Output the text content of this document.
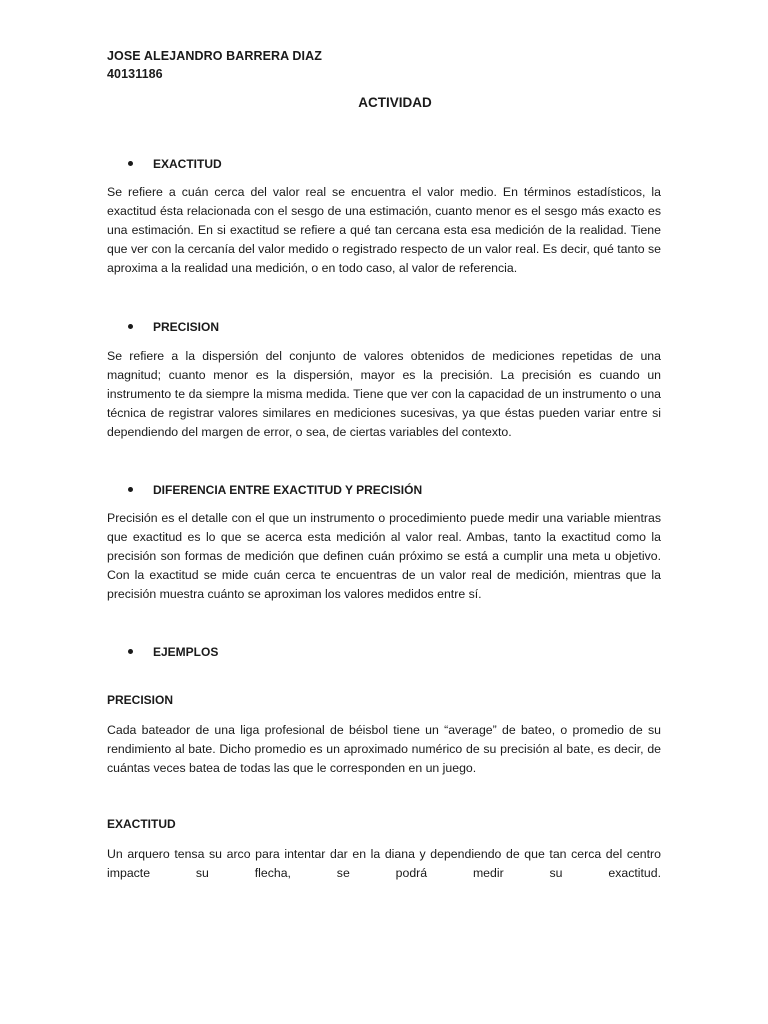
JOSE ALEJANDRO BARRERA DIAZ
40131186
ACTIVIDAD
EXACTITUD
Se refiere a cuán cerca del valor real se encuentra el valor medio. En términos estadísticos, la exactitud ésta relacionada con el sesgo de una estimación, cuanto menor es el sesgo más exacto es una estimación. En si exactitud se refiere a qué tan cercana esta esa medición de la realidad. Tiene que ver con la cercanía del valor medido o registrado respecto de un valor real. Es decir, qué tanto se aproxima a la realidad una medición, o en todo caso, al valor de referencia.
PRECISION
Se refiere a la dispersión del conjunto de valores obtenidos de mediciones repetidas de una magnitud; cuanto menor es la dispersión, mayor es la precisión. La precisión es cuando un instrumento te da siempre la misma medida. Tiene que ver con la capacidad de un instrumento o una técnica de registrar valores similares en mediciones sucesivas, ya que éstas pueden variar entre si dependiendo del margen de error, o sea, de ciertas variables del contexto.
DIFERENCIA ENTRE EXACTITUD Y PRECISIÓN
Precisión es el detalle con el que un instrumento o procedimiento puede medir una variable mientras que exactitud es lo que se acerca esta medición al valor real. Ambas, tanto la exactitud como la precisión son formas de medición que definen cuán próximo se está a cumplir una meta u objetivo. Con la exactitud se mide cuán cerca te encuentras de un valor real de medición, mientras que la precisión muestra cuánto se aproximan los valores medidos entre sí.
EJEMPLOS
PRECISION
Cada bateador de una liga profesional de béisbol tiene un “average” de bateo, o promedio de su rendimiento al bate. Dicho promedio es un aproximado numérico de su precisión al bate, es decir, de cuántas veces batea de todas las que le corresponden en un juego.
EXACTITUD
Un arquero tensa su arco para intentar dar en la diana y dependiendo de que tan cerca del centro impacte su flecha, se podrá medir su exactitud.
